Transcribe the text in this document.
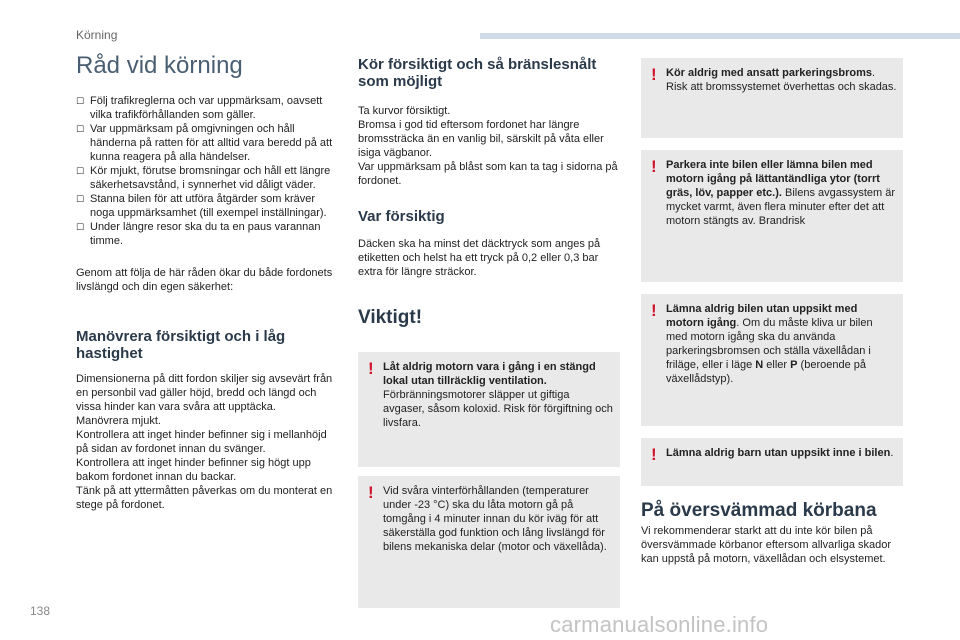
Körning
Råd vid körning
☐ Följ trafikreglerna och var uppmärksam, oavsett vilka trafikförhållanden som gäller.
☐ Var uppmärksam på omgivningen och håll händerna på ratten för att alltid vara beredd på att kunna reagera på alla händelser.
☐ Kör mjukt, förutse bromsningar och håll ett längre säkerhetsavstånd, i synnerhet vid dåligt väder.
☐ Stanna bilen för att utföra åtgärder som kräver noga uppmärksamhet (till exempel inställningar).
☐ Under längre resor ska du ta en paus varannan timme.

Genom att följa de här råden ökar du både fordonets livslängd och din egen säkerhet:

Manövrera försiktigt och i låg hastighet

Dimensionerna på ditt fordon skiljer sig avsevärt från en personbil vad gäller höjd, bredd och längd och vissa hinder kan vara svåra att upptäcka.
Manövrera mjukt.
Kontrollera att inget hinder befinner sig i mellanhöjd på sidan av fordonet innan du svänger.
Kontrollera att inget hinder befinner sig högt upp bakom fordonet innan du backar.
Tänk på att yttermåtten påverkas om du monterat en stege på fordonet.

Kör försiktigt och så bränslesnålt som möjligt

Ta kurvor försiktigt.
Bromsa i god tid eftersom fordonet har längre bromssträcka än en vanlig bil, särskilt på våta eller isiga vägbanor.
Var uppmärksam på blåst som kan ta tag i sidorna på fordonet.

Var försiktig

Däcken ska ha minst det däcktryck som anges på etiketten och helst ha ett tryck på 0,2 eller 0,3 bar extra för längre sträckor.

Viktigt!
! Låt aldrig motorn vara i gång i en stängd lokal utan tillräcklig ventilation.
Förbränningsmotorer släpper ut giftiga avgaser, såsom koloxid. Risk för förgiftning och livsfara.
! Vid svåra vinterförhållanden (temperaturer under -23 °C) ska du låta motorn gå på tomgång i 4 minuter innan du kör iväg för att säkerställa god funktion och lång livslängd för bilens mekaniska delar (motor och växellåda).
! Kör aldrig med ansatt parkeringsbroms. Risk att bromssystemet överhettas och skadas.
! Parkera inte bilen eller lämna bilen med motorn igång på lättantändliga ytor (torrt gräs, löv, papper etc.). Bilens avgassystem är mycket varmt, även flera minuter efter det att motorn stängts av. Brandrisk
! Lämna aldrig bilen utan uppsikt med motorn igång. Om du måste kliva ur bilen med motorn igång ska du använda parkeringsbromsen och ställa växellådan i friläge, eller i läge N eller P (beroende på växellådstyp).
! Lämna aldrig barn utan uppsikt inne i bilen.
På översvämmad körbana

Vi rekommenderar starkt att du inte kör bilen på översvämmade körbanor eftersom allvarliga skador kan uppstå på motorn, växellådan och elsystemet.

138
carmanualsonline.info
